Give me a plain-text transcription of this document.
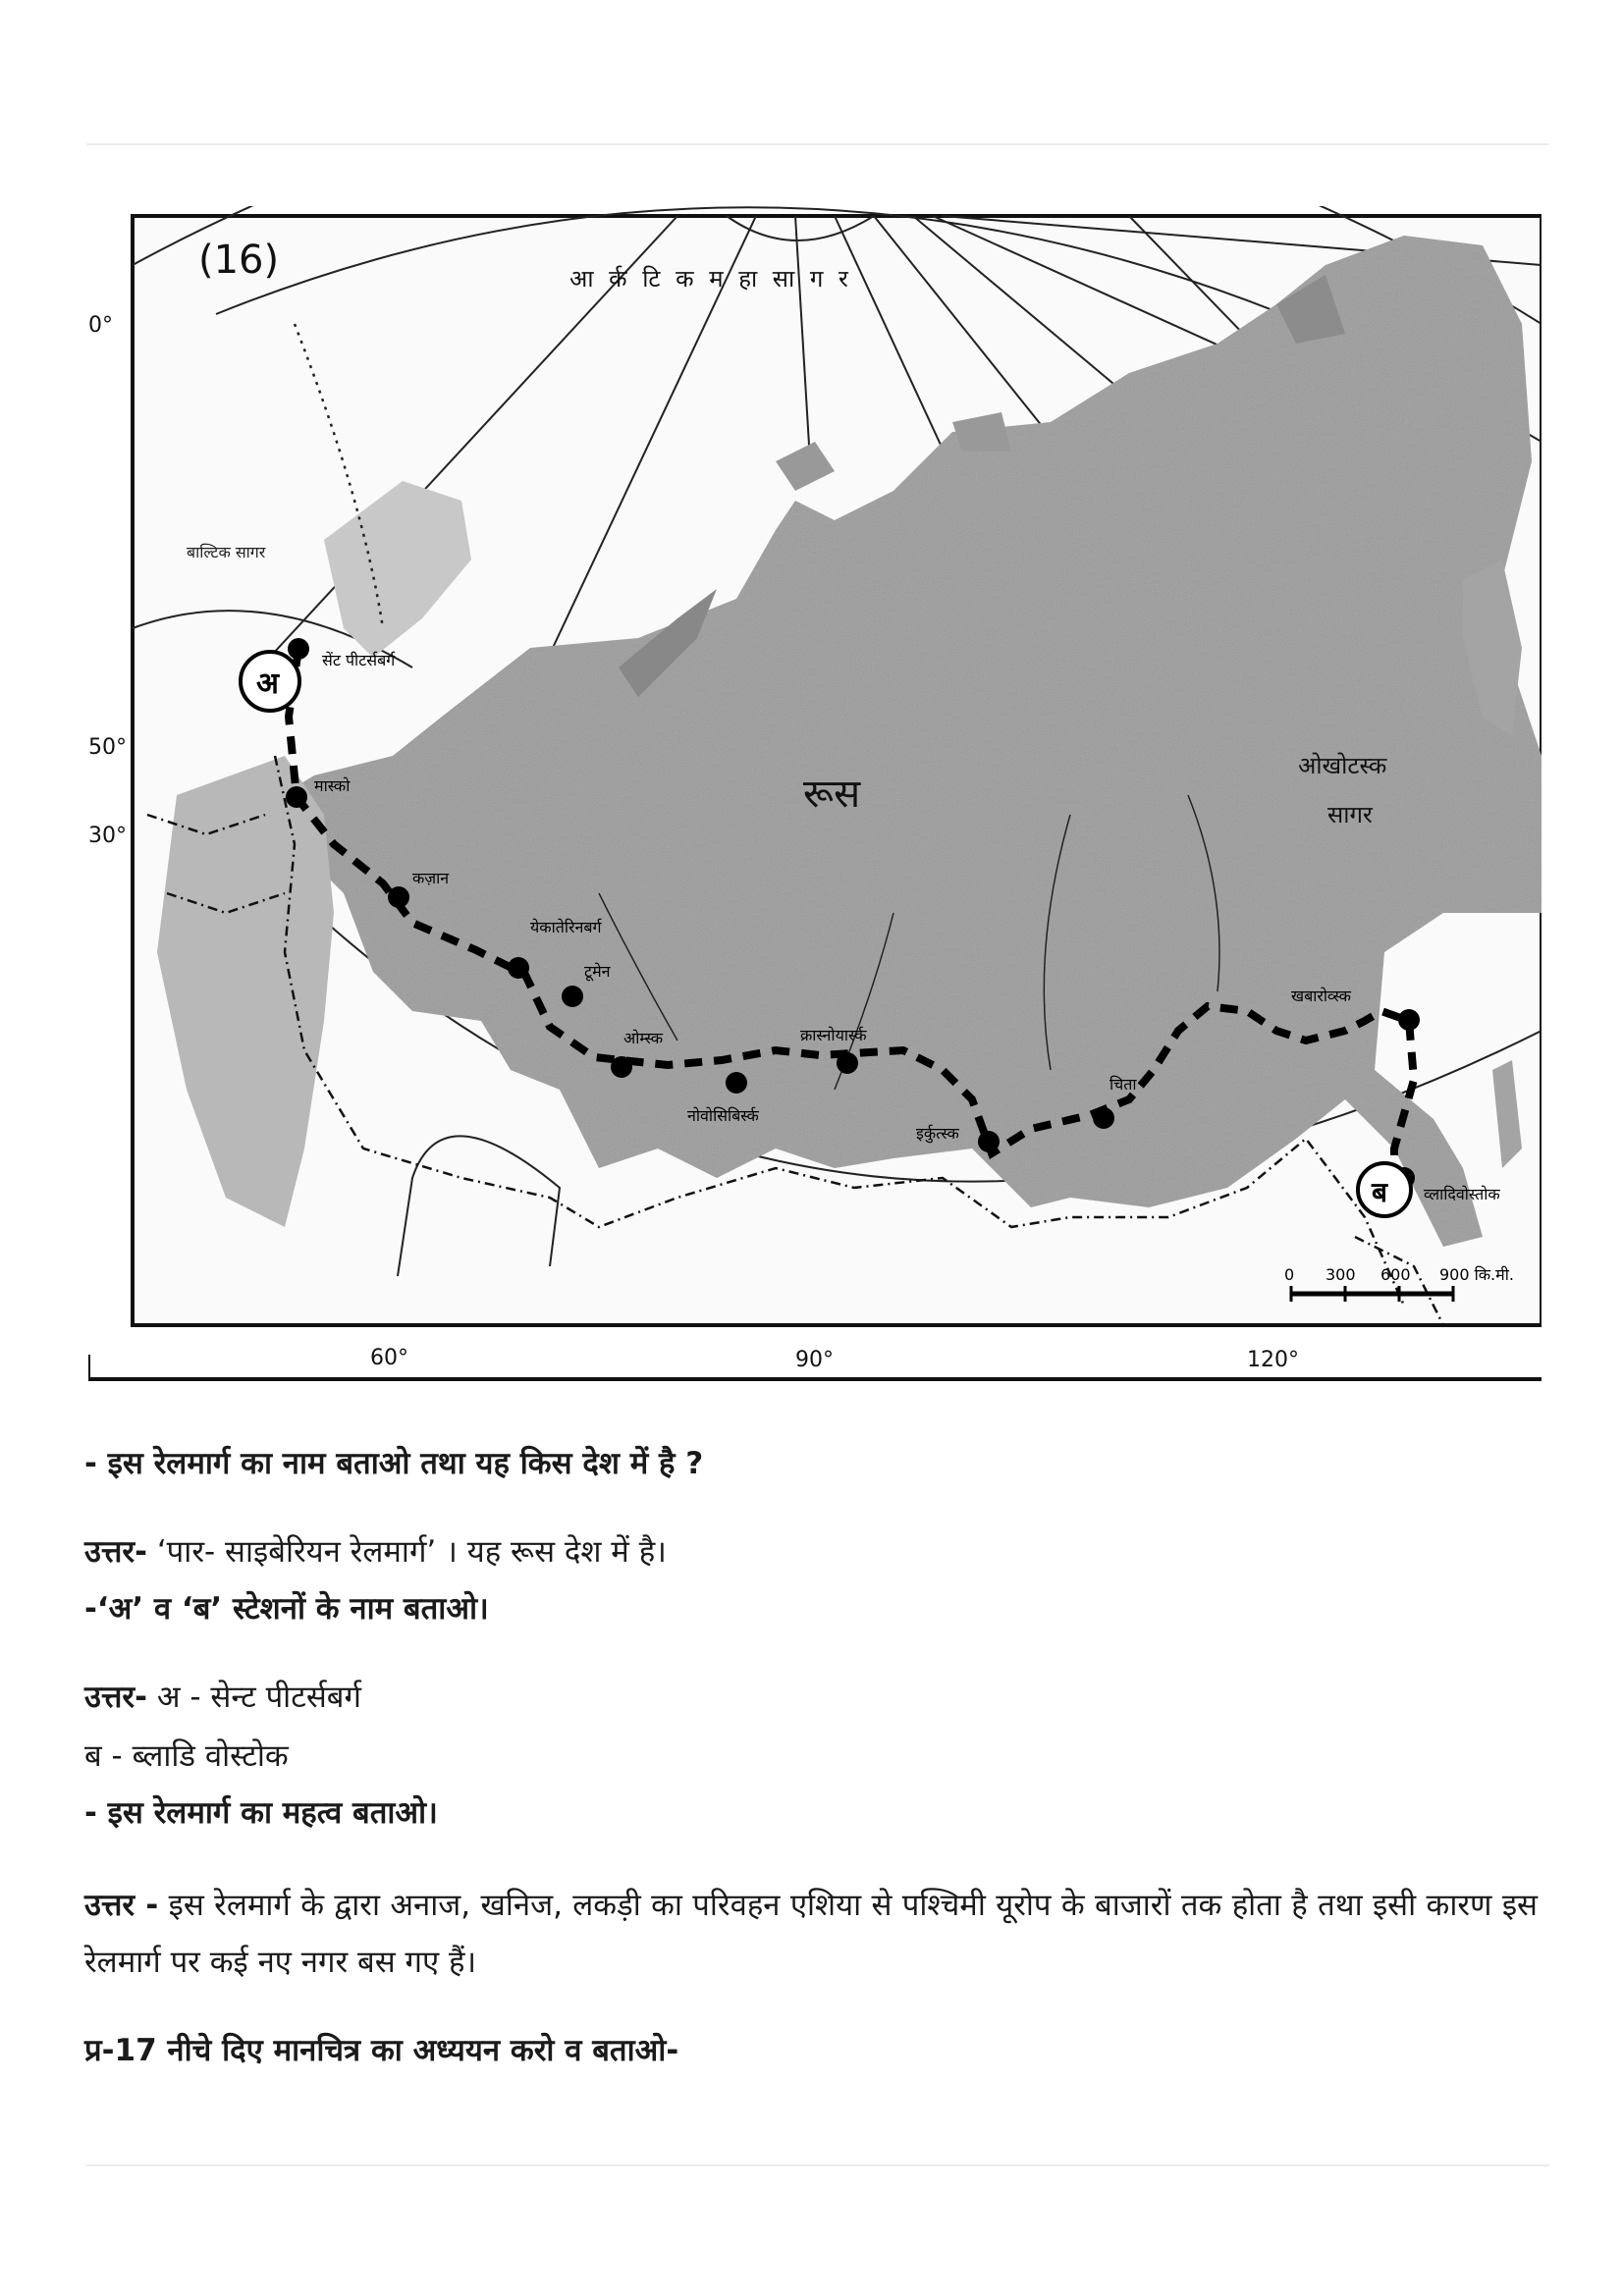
सेंट पीटर्सबर्ग
मास्को
कज़ान
येकातेरिनबर्ग
टूमेन
ओम्स्क
नोवोसिबिर्स्क
क्रास्नोयार्स्क
इर्कुत्स्क
चिता
खबारोव्स्क
व्लादिवोस्तोक
अ
ब
(16)	आ र्क टि क म हा सा ग र
बाल्टिक सागर
ओखोटस्क
सागर
रूस
0°
50°
30°
60°	90°	120°
0 300 600 900 कि.मी.
- इस रेलमार्ग का नाम बताओ तथा यह किस देश में है ?
उत्तर- ‘पार- साइबेरियन रेलमार्ग’ । यह रूस देश में है।
-‘अ’ व ‘ब’ स्टेशनों के नाम बताओ।
उत्तर- अ - सेन्ट पीटर्सबर्ग
ब - ब्लाडि वोस्टोक
- इस रेलमार्ग का महत्व बताओ।
उत्तर - इस रेलमार्ग के द्वारा अनाज, खनिज, लकड़ी का परिवहन एशिया से पश्चिमी यूरोप के बाजारों तक होता है तथा इसी कारण इस रेलमार्ग पर कई नए नगर बस गए हैं।
प्र-17 नीचे दिए मानचित्र का अध्ययन करो व बताओ-
